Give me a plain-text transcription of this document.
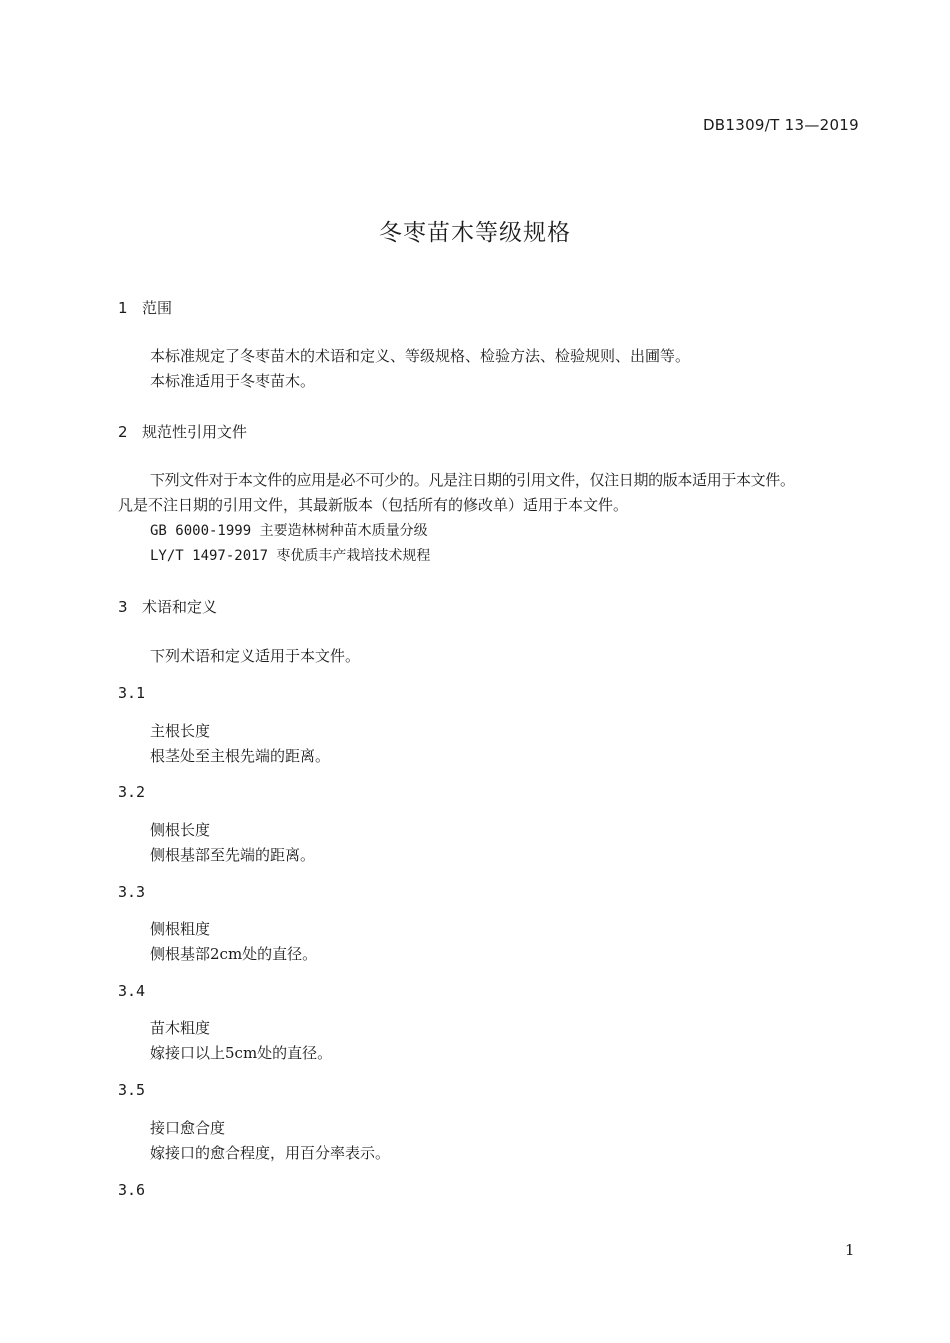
DB1309/T 13—2019
冬枣苗木等级规格
1 范围
本标准规定了冬枣苗木的术语和定义、等级规格、检验方法、检验规则、出圃等。
本标准适用于冬枣苗木。
2 规范性引用文件
下列文件对于本文件的应用是必不可少的。凡是注日期的引用文件，仅注日期的版本适用于本文件。
凡是不注日期的引用文件，其最新版本（包括所有的修改单）适用于本文件。
GB 6000-1999 主要造林树种苗木质量分级
LY/T 1497-2017 枣优质丰产栽培技术规程
3 术语和定义
下列术语和定义适用于本文件。
3.1
主根长度
根茎处至主根先端的距离。
3.2
侧根长度
侧根基部至先端的距离。
3.3
侧根粗度
侧根基部2cm处的直径。
3.4
苗木粗度
嫁接口以上5cm处的直径。
3.5
接口愈合度
嫁接口的愈合程度，用百分率表示。
3.6
1
